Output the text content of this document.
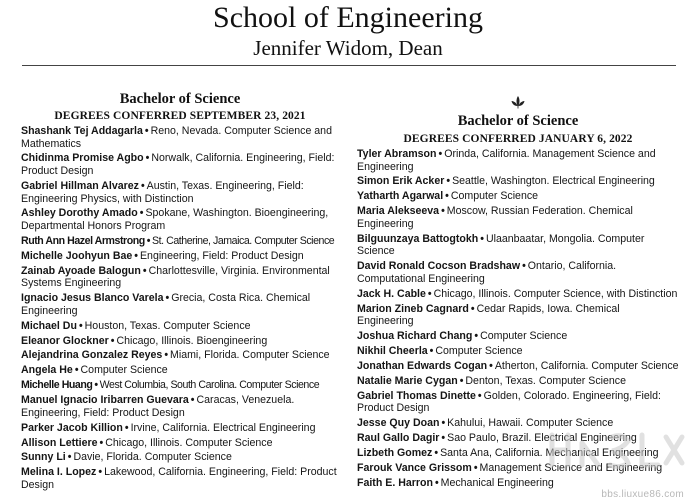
School of Engineering
Jennifer Widom, Dean
Bachelor of Science
DEGREES CONFERRED SEPTEMBER 23, 2021

Shashank Tej Addagarla • Reno, Nevada. Computer Science and Mathematics

Chidinma Promise Agbo • Norwalk, California. Engineering, Field: Product Design

Gabriel Hillman Alvarez • Austin, Texas. Engineering, Field: Engineering Physics, with Distinction

Ashley Dorothy Amado • Spokane, Washington. Bioengineering, Departmental Honors Program

Ruth Ann Hazel Armstrong • St. Catherine, Jamaica. Computer Science

Michelle Joohyun Bae • Engineering, Field: Product Design

Zainab Ayoade Balogun • Charlottesville, Virginia. Environmental Systems Engineering

Ignacio Jesus Blanco Varela • Grecia, Costa Rica. Chemical Engineering

Michael Du • Houston, Texas. Computer Science

Eleanor Glockner • Chicago, Illinois. Bioengineering

Alejandrina Gonzalez Reyes • Miami, Florida. Computer Science

Angela He • Computer Science

Michelle Huang • West Columbia, South Carolina. Computer Science

Manuel Ignacio Iribarren Guevara • Caracas, Venezuela. Engineering, Field: Product Design

Parker Jacob Killion • Irvine, California. Electrical Engineering

Allison Lettiere • Chicago, Illinois. Computer Science

Sunny Li • Davie, Florida. Computer Science

Melina I. Lopez • Lakewood, California. Engineering, Field: Product Design

Bachelor of Science
DEGREES CONFERRED JANUARY 6, 2022

Tyler Abramson • Orinda, California. Management Science and Engineering

Simon Erik Acker • Seattle, Washington. Electrical Engineering

Yatharth Agarwal • Computer Science

Maria Alekseeva • Moscow, Russian Federation. Chemical Engineering

Bilguunzaya Battogtokh • Ulaanbaatar, Mongolia. Computer Science

David Ronald Cocson Bradshaw • Ontario, California. Computational Engineering

Jack H. Cable • Chicago, Illinois. Computer Science, with Distinction

Marion Zineb Cagnard • Cedar Rapids, Iowa. Chemical Engineering

Joshua Richard Chang • Computer Science

Nikhil Cheerla • Computer Science

Jonathan Edwards Cogan • Atherton, California. Computer Science

Natalie Marie Cygan • Denton, Texas. Computer Science

Gabriel Thomas Dinette • Golden, Colorado. Engineering, Field: Product Design

Jesse Quy Doan • Kahului, Hawaii. Computer Science

Raul Gallo Dagir • Sao Paulo, Brazil. Electrical Engineering

Lizbeth Gomez • Santa Ana, California. Mechanical Engineering

Farouk Vance Grissom • Management Science and Engineering

Faith E. Harron • Mechanical Engineering

bbs.liuxue86.com
